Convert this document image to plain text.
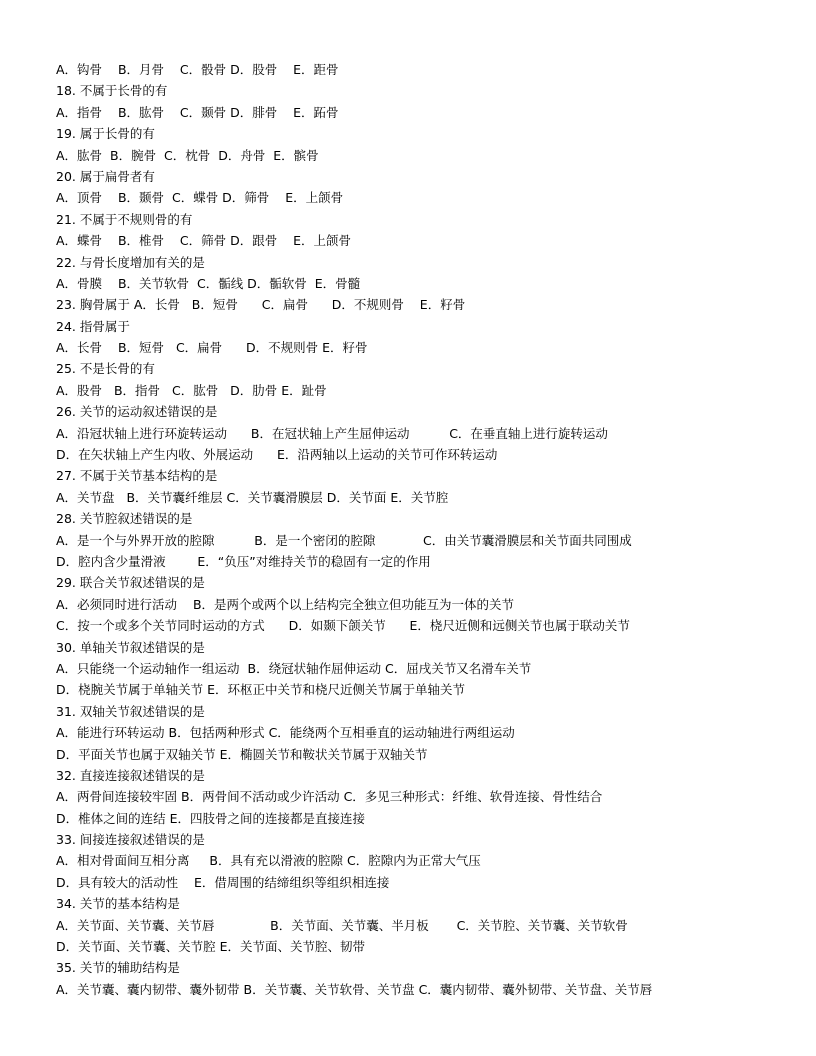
A．钩骨    B．月骨    C．骰骨 D．股骨    E．距骨
18. 不属于长骨的有
A．指骨    B．肱骨    C．颞骨 D．腓骨    E．跖骨
19. 属于长骨的有
A．肱骨  B．腕骨  C．枕骨  D．舟骨  E．髌骨
20. 属于扁骨者有
A．顶骨    B．颞骨  C．蝶骨 D．筛骨    E．上颌骨
21. 不属于不规则骨的有
A．蝶骨    B．椎骨    C．筛骨 D．跟骨    E．上颌骨
22. 与骨长度增加有关的是
A．骨膜    B．关节软骨  C．骺线 D．骺软骨  E．骨髓
23. 胸骨属于 A．长骨   B．短骨      C．扁骨      D．不规则骨    E．籽骨
24. 指骨属于
A．长骨    B．短骨   C．扁骨      D．不规则骨 E．籽骨
25. 不是长骨的有
A．股骨   B．指骨   C．肱骨   D．肋骨 E．趾骨
26. 关节的运动叙述错误的是
A．沿冠状轴上进行环旋转运动      B．在冠状轴上产生屈伸运动          C．在垂直轴上进行旋转运动
D．在矢状轴上产生内收、外展运动      E．沿两轴以上运动的关节可作环转运动
27. 不属于关节基本结构的是
A．关节盘   B．关节囊纤维层 C．关节囊滑膜层 D．关节面 E．关节腔
28. 关节腔叙述错误的是
A．是一个与外界开放的腔隙          B．是一个密闭的腔隙            C．由关节囊滑膜层和关节面共同围成
D．腔内含少量滑液        E．“负压”对维持关节的稳固有一定的作用
29. 联合关节叙述错误的是
A．必须同时进行活动    B．是两个或两个以上结构完全独立但功能互为一体的关节
C．按一个或多个关节同时运动的方式      D．如颞下颌关节      E．桡尺近侧和远侧关节也属于联动关节
30. 单轴关节叙述错误的是
A．只能绕一个运动轴作一组运动  B．绕冠状轴作屈伸运动 C．屈戌关节又名滑车关节
D．桡腕关节属于单轴关节 E．环枢正中关节和桡尺近侧关节属于单轴关节
31. 双轴关节叙述错误的是
A．能进行环转运动 B．包括两种形式 C．能绕两个互相垂直的运动轴进行两组运动
D．平面关节也属于双轴关节 E．椭圆关节和鞍状关节属于双轴关节
32. 直接连接叙述错误的是
A．两骨间连接较牢固 B．两骨间不活动或少许活动 C．多见三种形式：纤维、软骨连接、骨性结合
D．椎体之间的连结 E．四肢骨之间的连接都是直接连接
33. 间接连接叙述错误的是
A．相对骨面间互相分离     B．具有充以滑液的腔隙 C．腔隙内为正常大气压
D．具有较大的活动性    E．借周围的结缔组织等组织相连接
34. 关节的基本结构是
A．关节面、关节囊、关节唇              B．关节面、关节囊、半月板       C．关节腔、关节囊、关节软骨
D．关节面、关节囊、关节腔 E．关节面、关节腔、韧带
35. 关节的辅助结构是
A．关节囊、囊内韧带、囊外韧带 B．关节囊、关节软骨、关节盘 C．囊内韧带、囊外韧带、关节盘、关节唇
